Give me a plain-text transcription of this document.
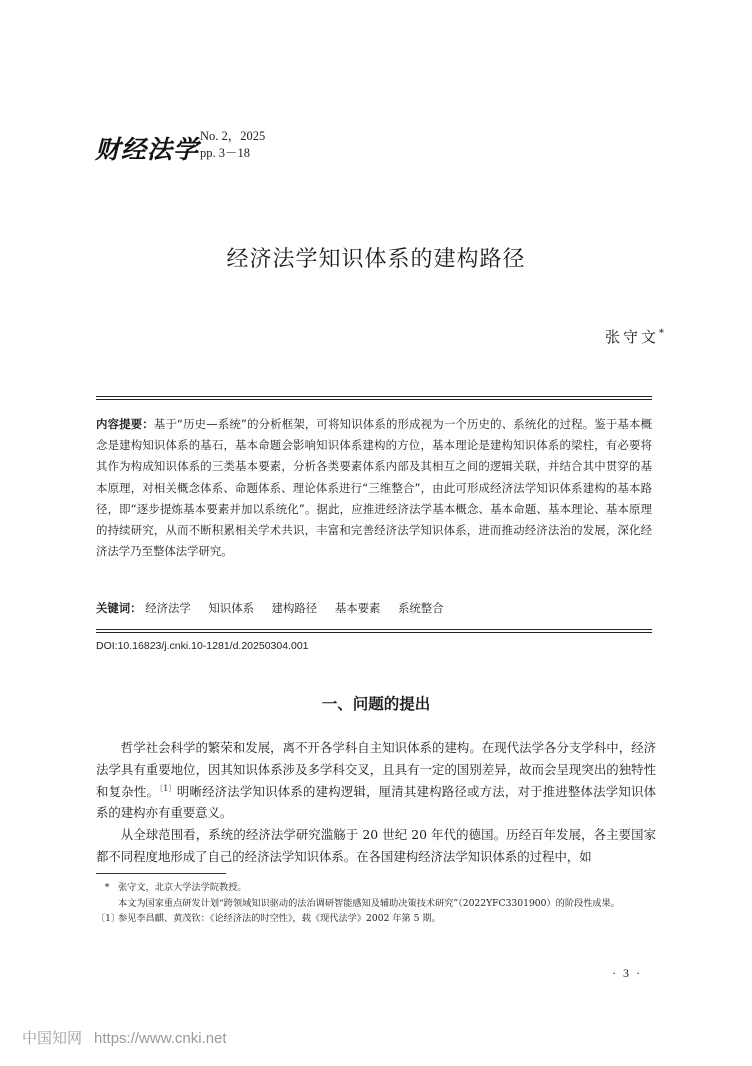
财经法学 No. 2，2025
pp. 3－18
经济法学知识体系的建构路径
张守文*
内容提要：基于“历史—系统”的分析框架，可将知识体系的形成视为一个历史的、系统化的过程。鉴于基本概念是建构知识体系的基石，基本命题会影响知识体系建构的方位，基本理论是建构知识体系的梁柱，有必要将其作为构成知识体系的三类基本要素，分析各类要素体系内部及其相互之间的逻辑关联，并结合其中贯穿的基本原理，对相关概念体系、命题体系、理论体系进行“三维整合”，由此可形成经济法学知识体系建构的基本路径，即“逐步提炼基本要素并加以系统化”。据此，应推进经济法学基本概念、基本命题、基本理论、基本原理的持续研究，从而不断积累相关学术共识，丰富和完善经济法学知识体系，进而推动经济法治的发展，深化经济法学乃至整体法学研究。
关键词： 经济法学 知识体系 建构路径 基本要素 系统整合
DOI:10.16823/j.cnki.10-1281/d.20250304.001
一、问题的提出

哲学社会科学的繁荣和发展，离不开各学科自主知识体系的建构。在现代法学各分支学科中，经济法学具有重要地位，因其知识体系涉及多学科交叉，且具有一定的国别差异，故而会呈现突出的独特性和复杂性。$^{〔1〕}$明晰经济法学知识体系的建构逻辑，厘清其建构路径或方法，对于推进整体法学知识体系的建构亦有重要意义。

从全球范围看，系统的经济法学研究滥觞于 20 世纪 20 年代的德国。历经百年发展，各主要国家都不同程度地形成了自己的经济法学知识体系。在各国建构经济法学知识体系的过程中，如

* 张守文，北京大学法学院教授。
本文为国家重点研发计划“跨领域知识驱动的法治调研智能感知及辅助决策技术研究”（2022YFC3301900）的阶段性成果。
〔1〕参见李昌麒、黄茂钦：《论经济法的时空性》，载《现代法学》2002 年第 5 期。
· 3 ·
中国知网 https://www.cnki.net
